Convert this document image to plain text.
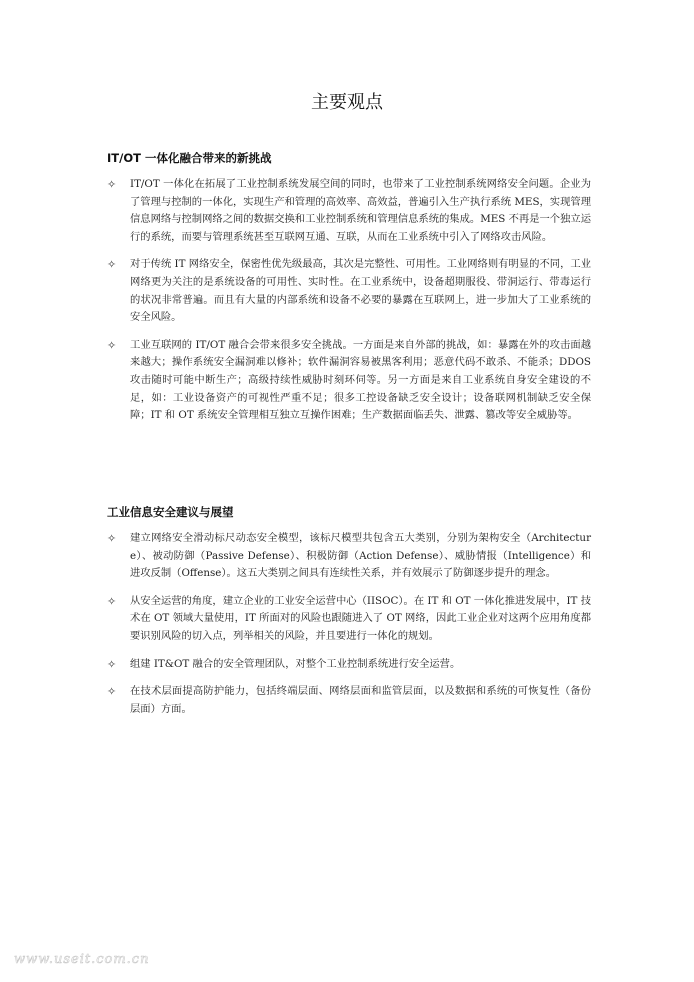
主要观点
IT/OT 一体化融合带来的新挑战
✧	IT/OT 一体化在拓展了工业控制系统发展空间的同时，也带来了工业控制系统网络安全问题。企业为了管理与控制的一体化，实现生产和管理的高效率、高效益，普遍引入生产执行系统 MES，实现管理信息网络与控制网络之间的数据交换和工业控制系统和管理信息系统的集成。MES 不再是一个独立运行的系统，而要与管理系统甚至互联网互通、互联，从而在工业系统中引入了网络攻击风险。
✧	对于传统 IT 网络安全，保密性优先级最高，其次是完整性、可用性。工业网络则有明显的不同，工业网络更为关注的是系统设备的可用性、实时性。在工业系统中，设备超期服役、带洞运行、带毒运行的状况非常普遍。而且有大量的内部系统和设备不必要的暴露在互联网上，进一步加大了工业系统的安全风险。
✧	工业互联网的 IT/OT 融合会带来很多安全挑战。一方面是来自外部的挑战，如：暴露在外的攻击面越来越大；操作系统安全漏洞难以修补；软件漏洞容易被黑客利用；恶意代码不敢杀、不能杀；DDOS 攻击随时可能中断生产；高级持续性威胁时刻环伺等。另一方面是来自工业系统自身安全建设的不足，如：工业设备资产的可视性严重不足；很多工控设备缺乏安全设计；设备联网机制缺乏安全保障；IT 和 OT 系统安全管理相互独立互操作困难；生产数据面临丢失、泄露、篡改等安全威胁等。
工业信息安全建议与展望
✧	建立网络安全滑动标尺动态安全模型，该标尺模型共包含五大类别，分别为架构安全（Architecture）、被动防御（Passive Defense）、积极防御（Action Defense）、威胁情报（Intelligence）和进攻反制（Offense）。这五大类别之间具有连续性关系，并有效展示了防御逐步提升的理念。
✧	从安全运营的角度，建立企业的工业安全运营中心（IISOC）。在 IT 和 OT 一体化推进发展中，IT 技术在 OT 领域大量使用，IT 所面对的风险也跟随进入了 OT 网络，因此工业企业对这两个应用角度都要识别风险的切入点，列举相关的风险，并且要进行一体化的规划。
✧	组建 IT&OT 融合的安全管理团队，对整个工业控制系统进行安全运营。
✧	在技术层面提高防护能力，包括终端层面、网络层面和监管层面，以及数据和系统的可恢复性（备份层面）方面。
www.useit.com.cn
